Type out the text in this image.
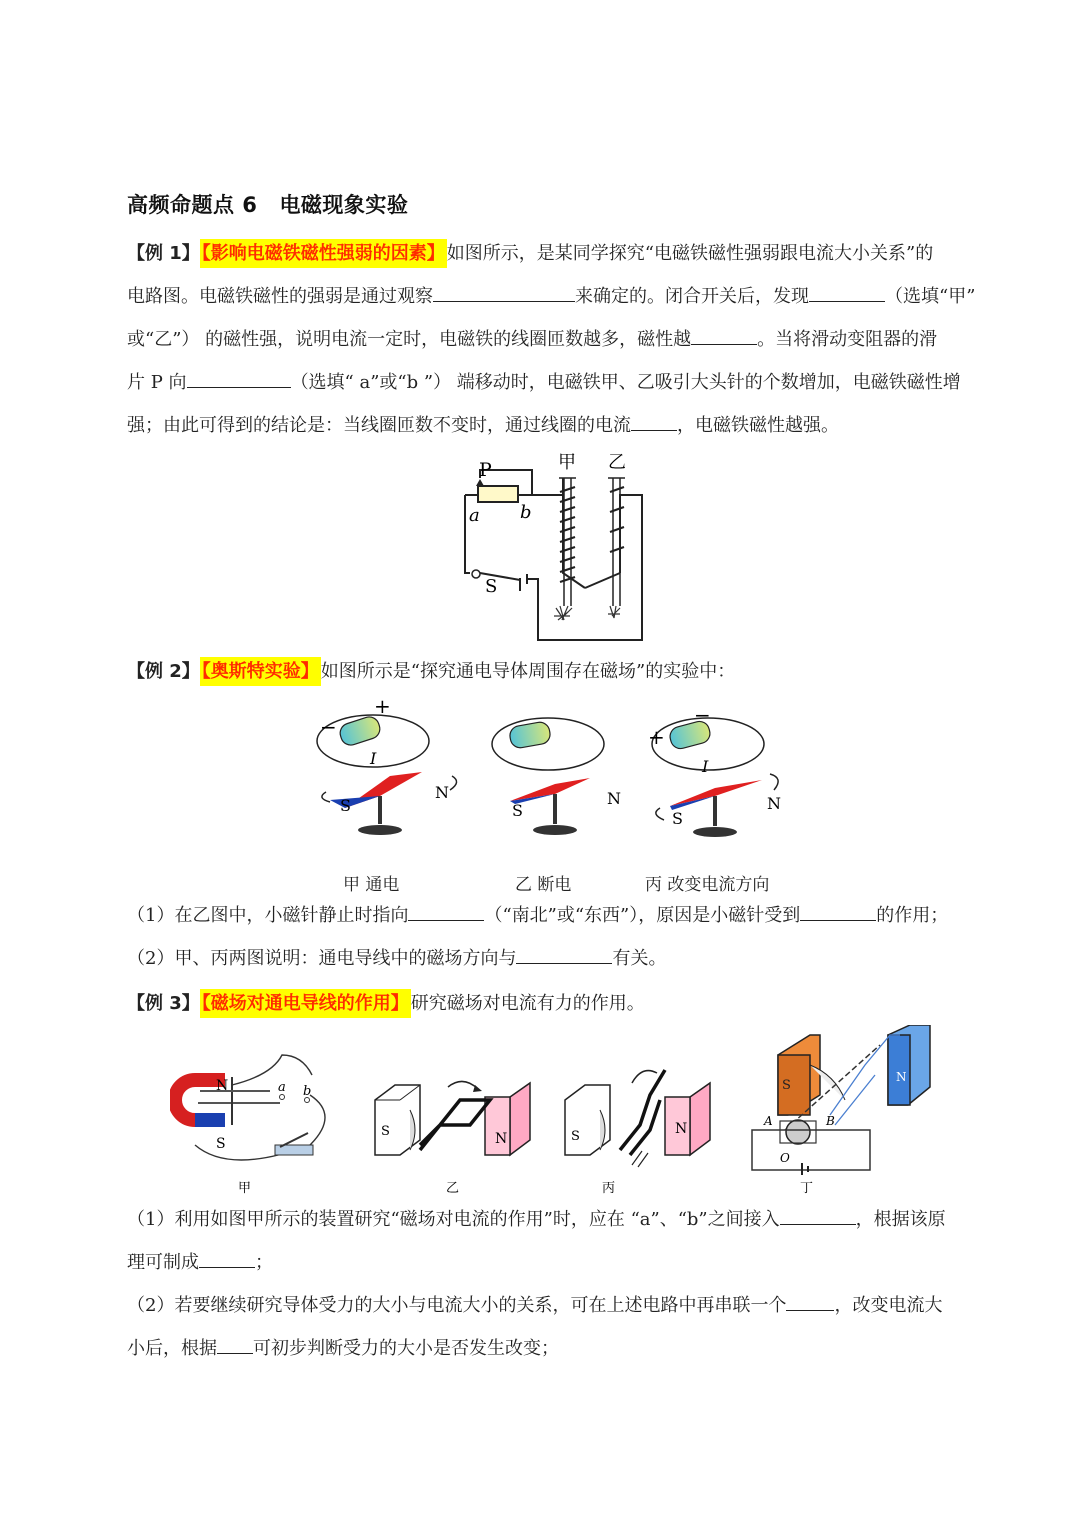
高频命题点 6 电磁现象实验
【例 1】 【影响电磁铁磁性强弱的因素】 如图所示，是某同学探究“电磁铁磁性强弱跟电流大小关系”的
电路图。电磁铁磁性的强弱是通过观察	来确定的。闭合开关后，发现	（选填“甲”
或“乙”） 的磁性强，说明电流一定时，电磁铁的线圈匝数越多，磁性越	。当将滑动变阻器的滑
片 P 向	（选填“ a”或“b ”） 端移动时，电磁铁甲、乙吸引大头针的个数增加，电磁铁磁性增
强；由此可得到的结论是：当线圈匝数不变时，通过线圈的电流	，电磁铁磁性越强。
P
a b
S
甲 乙
【例 2】 【奥斯特实验】 如图所示是“探究通电导体周围存在磁场”的实验中：
+
−
I
N
S	N
S
+
−
I
N
S
甲 通电	乙 断电	丙 改变电流方向
（1）在乙图中，小磁针静止时指向	（“南北”或“东西”），原因是小磁针受到	的作用；
（2）甲、丙两图说明：通电导线中的磁场方向与	有关。
【例 3】 【磁场对通电导线的作用】 研究磁场对电流有力的作用。
N
S
a b
S	N	S	N	A	B
O
S
N
甲	乙	丙	丁
（1）利用如图甲所示的装置研究“磁场对电流的作用”时，应在 “a”、“b”之间接入	，根据该原
理可制成	；
（2）若要继续研究导体受力的大小与电流大小的关系，可在上述电路中再串联一个	，改变电流大
小后，根据 可初步判断受力的大小是否发生改变；
